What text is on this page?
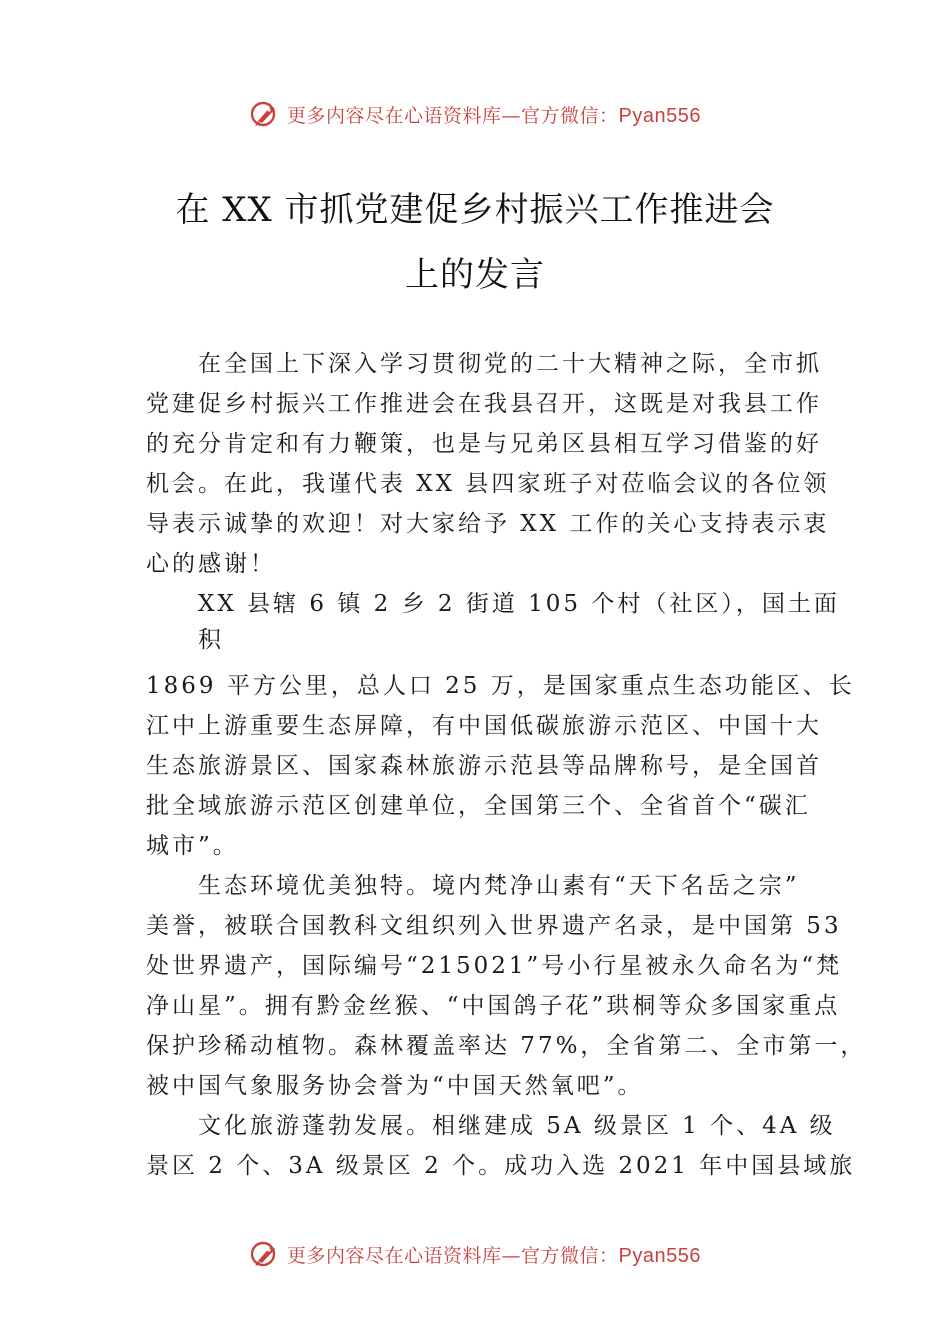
更多内容尽在心语资料库—官方微信：Pyan556
在 XX 市抓党建促乡村振兴工作推进会
上的发言
在全国上下深入学习贯彻党的二十大精神之际，全市抓
党建促乡村振兴工作推进会在我县召开，这既是对我县工作
的充分肯定和有力鞭策，也是与兄弟区县相互学习借鉴的好
机会。在此，我谨代表 XX 县四家班子对莅临会议的各位领
导表示诚挚的欢迎！对大家给予 XX 工作的关心支持表示衷
心的感谢！
XX 县辖 6 镇 2 乡 2 街道 105 个村（社区），国土面
积
1869 平方公里，总人口 25 万，是国家重点生态功能区、长
江中上游重要生态屏障，有中国低碳旅游示范区、中国十大
生态旅游景区、国家森林旅游示范县等品牌称号，是全国首
批全域旅游示范区创建单位，全国第三个、全省首个“碳汇
城市”。
生态环境优美独特。境内梵净山素有“天下名岳之宗”
美誉，被联合国教科文组织列入世界遗产名录，是中国第 53
处世界遗产，国际编号“215021”号小行星被永久命名为“梵
净山星”。拥有黔金丝猴、“中国鸽子花”珙桐等众多国家重点
保护珍稀动植物。森林覆盖率达 77%，全省第二、全市第一，
被中国气象服务协会誉为“中国天然氧吧”。
文化旅游蓬勃发展。相继建成 5A 级景区 1 个、4A 级
景区 2 个、3A 级景区 2 个。成功入选 2021 年中国县域旅
更多内容尽在心语资料库—官方微信：Pyan556
